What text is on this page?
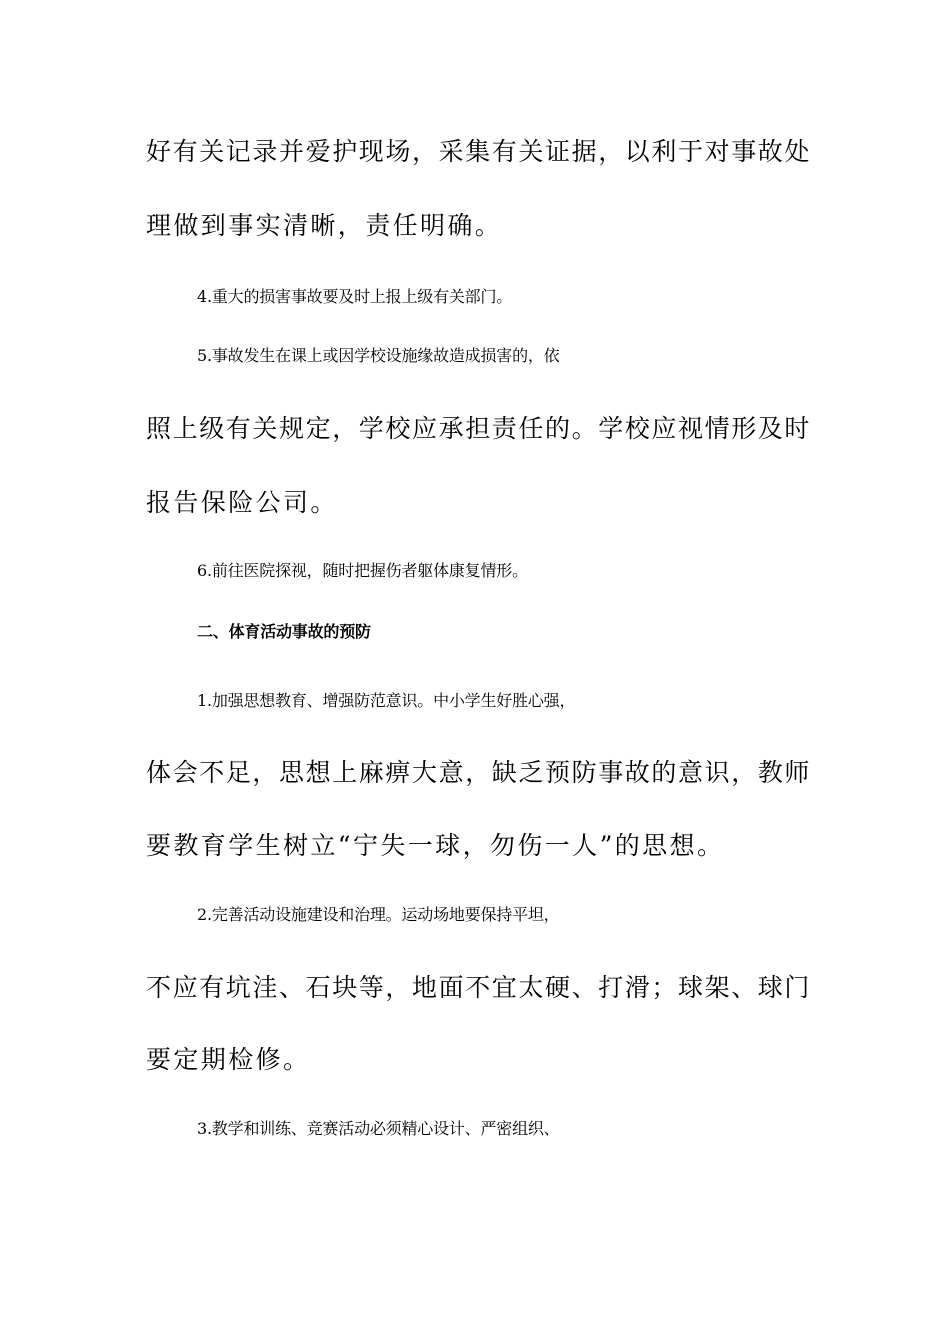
好有关记录并爱护现场，采集有关证据，以利于对事故处
理做到事实清晰，责任明确。
4.重大的损害事故要及时上报上级有关部门。
5.事故发生在课上或因学校设施缘故造成损害的，依
照上级有关规定，学校应承担责任的。学校应视情形及时
报告保险公司。
6.前往医院探视，随时把握伤者躯体康复情形。
二、体育活动事故的预防
1.加强思想教育、增强防范意识。中小学生好胜心强，
体会不足，思想上麻痹大意，缺乏预防事故的意识，教师
要教育学生树立“宁失一球，勿伤一人”的思想。
2.完善活动设施建设和治理。运动场地要保持平坦，
不应有坑洼、石块等，地面不宜太硬、打滑；球架、球门
要定期检修。
3.教学和训练、竞赛活动必须精心设计、严密组织、
